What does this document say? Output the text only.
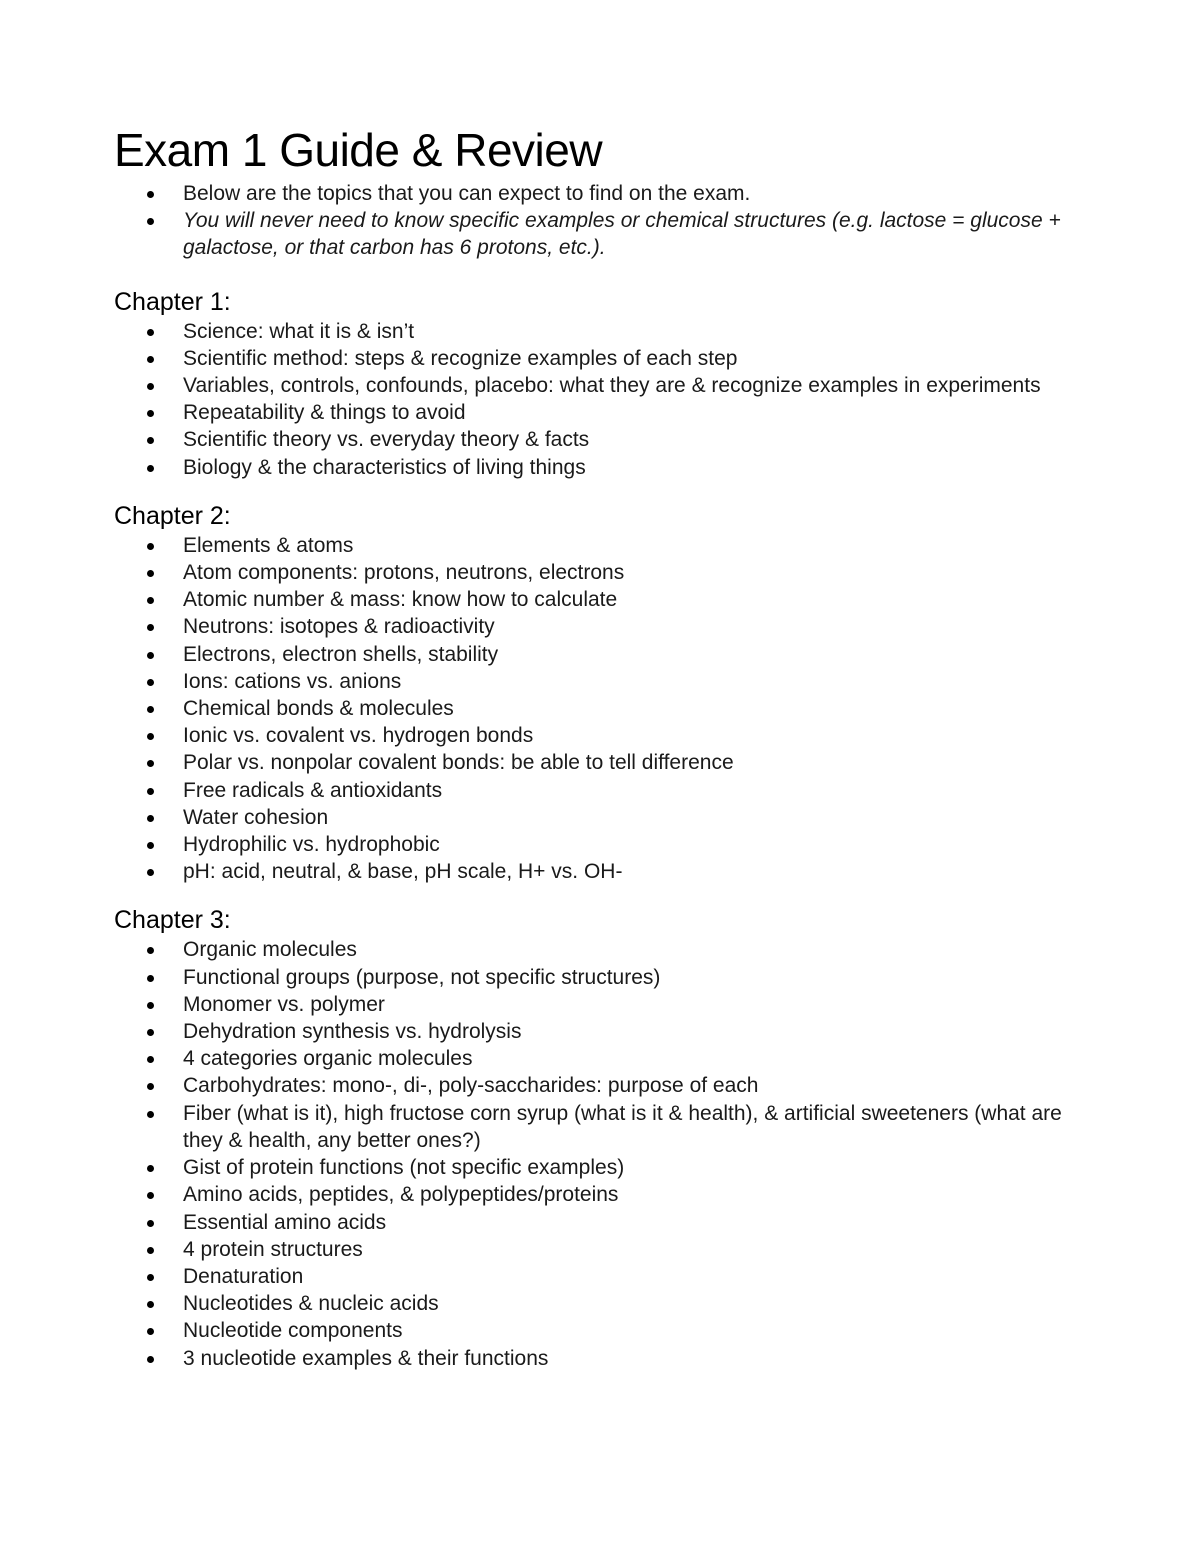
Exam 1 Guide & Review
Below are the topics that you can expect to find on the exam.
You will never need to know specific examples or chemical structures (e.g. lactose = glucose + galactose, or that carbon has 6 protons, etc.).
Chapter 1:
Science: what it is & isn’t
Scientific method: steps & recognize examples of each step
Variables, controls, confounds, placebo: what they are & recognize examples in experiments
Repeatability & things to avoid
Scientific theory vs. everyday theory & facts
Biology & the characteristics of living things
Chapter 2:
Elements & atoms
Atom components: protons, neutrons, electrons
Atomic number & mass: know how to calculate
Neutrons: isotopes & radioactivity
Electrons, electron shells, stability
Ions: cations vs. anions
Chemical bonds & molecules
Ionic vs. covalent vs. hydrogen bonds
Polar vs. nonpolar covalent bonds: be able to tell difference
Free radicals & antioxidants
Water cohesion
Hydrophilic vs. hydrophobic
pH: acid, neutral, & base, pH scale, H+ vs. OH-
Chapter 3:
Organic molecules
Functional groups (purpose, not specific structures)
Monomer vs. polymer
Dehydration synthesis vs. hydrolysis
4 categories organic molecules
Carbohydrates: mono-, di-, poly-saccharides: purpose of each
Fiber (what is it), high fructose corn syrup (what is it & health), & artificial sweeteners (what are they & health, any better ones?)
Gist of protein functions (not specific examples)
Amino acids, peptides, & polypeptides/proteins
Essential amino acids
4 protein structures
Denaturation
Nucleotides & nucleic acids
Nucleotide components
3 nucleotide examples & their functions
